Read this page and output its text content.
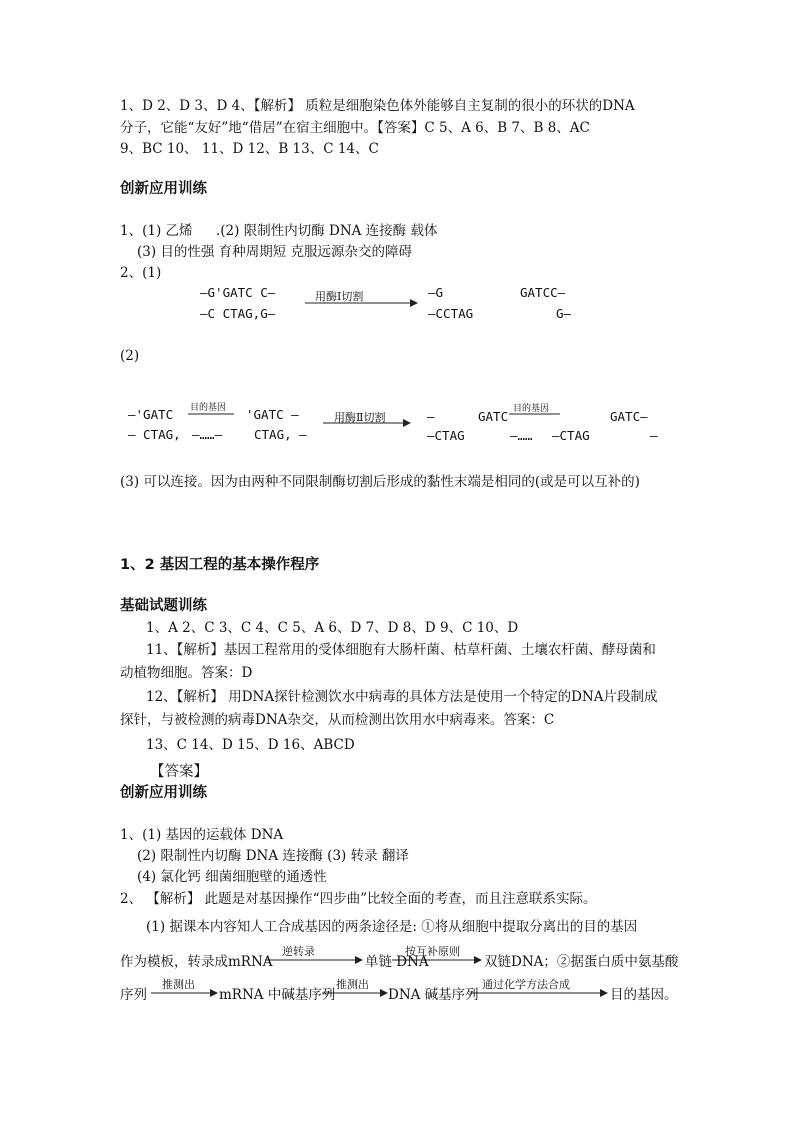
1、D 2、D 3、D 4、【解析】 质粒是细胞染色体外能够自主复制的很小的环状的DNA
分子，它能“友好”地“借居”在宿主细胞中。【答案】C 5、A 6、B 7、B 8、AC
9、BC 10、 11、D 12、B 13、C 14、C
创新应用训练
1、(1) 乙烯 .(2) 限制性内切酶 DNA 连接酶 载体
(3) 目的性强 育种周期短 克服远源杂交的障碍
2、(1)
—G'GATC C—
—C CTAG,G—
用酶Ⅰ切割	—G
—CCTAG
GATCC—
G—
(2)
目的基因
—'GATC	'GATC —
— CTAG, —……—	CTAG, —
用酶Ⅱ切割	—	GATC 目的基因
—CTAG	—…… —CTAG
GATC—
—
(3) 可以连接。因为由两种不同限制酶切割后形成的黏性末端是相同的(或是可以互补的)
1、2 基因工程的基本操作程序
基础试题训练
1、A 2、C 3、C 4、C 5、A 6、D 7、D 8、D 9、C 10、D
11、【解析】基因工程常用的受体细胞有大肠杆菌、枯草杆菌、土壤农杆菌、酵母菌和
动植物细胞。答案：D
12、【解析】 用DNA探针检测饮水中病毒的具体方法是使用一个特定的DNA片段制成
探针，与被检测的病毒DNA杂交，从而检测出饮用水中病毒来。答案：C
13、C 14、D 15、D 16、ABCD
【答案】
创新应用训练
1、(1) 基因的运载体 DNA
(2) 限制性内切酶 DNA 连接酶 (3) 转录 翻译
(4) 氯化钙 细菌细胞壁的通透性
2、 【解析】 此题是对基因操作“四步曲”比较全面的考查，而且注意联系实际。
(1) 据课本内容知人工合成基因的两条途径是: ①将从细胞中提取分离出的目的基因
作为模板，转录成mRNA
逆转录
单链 DNA
按互补原则
双链DNA；②据蛋白质中氨基酸
序列
推测出
mRNA 中碱基序列
推测出
DNA 碱基序列
通过化学方法合成
目的基因。
